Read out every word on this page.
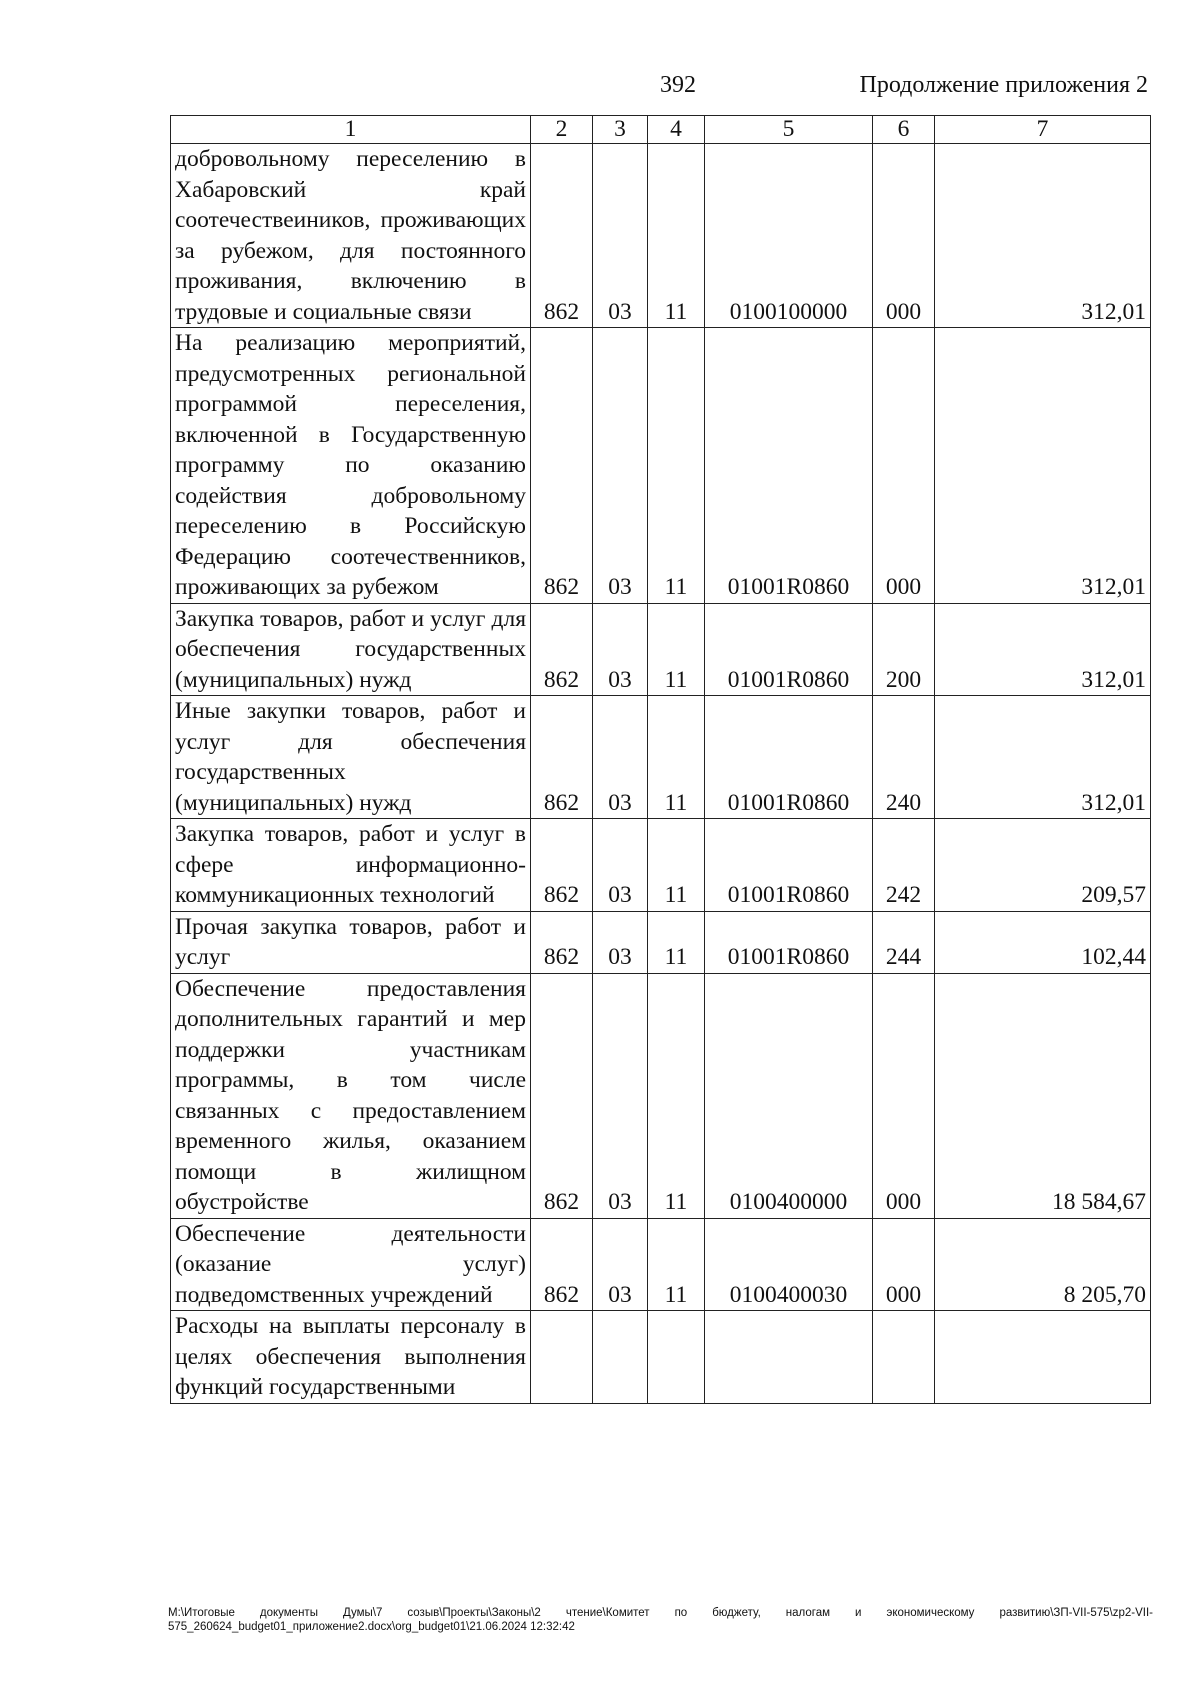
392	Продолжение приложения 2
1	2	3	4	5	6	7
добровольному переселению в Хабаровский край соотечествеиников, проживающих за рубежом, для постоянного проживания, включению в трудовые и социальные связи	862	03	11	0100100000	000	312,01
На реализацию мероприятий, предусмотренных региональной программой переселения, включенной в Государственную программу по оказанию содействия добровольному переселению в Российскую Федерацию соотечественников, проживающих за рубежом	862	03	11	01001R0860	000	312,01
Закупка товаров, работ и услуг для обеспечения государственных (муниципальных) нужд	862	03	11	01001R0860	200	312,01
Иные закупки товаров, работ и услуг для обеспечения государственных (муниципальных) нужд	862	03	11	01001R0860	240	312,01
Закупка товаров, работ и услуг в сфере информационно-коммуникационных технологий	862	03	11	01001R0860	242	209,57
Прочая закупка товаров, работ и услуг	862	03	11	01001R0860	244	102,44
Обеспечение предоставления дополнительных гарантий и мер поддержки участникам программы, в том числе связанных с предоставлением временного жилья, оказанием помощи в жилищном обустройстве	862	03	11	0100400000	000	18 584,67
Обеспечение деятельности (оказание услуг) подведомственных учреждений	862	03	11	0100400030	000	8 205,70
Расходы на выплаты персоналу в целях обеспечения выполнения функций государственными						
M:\Итоговые документы Думы\7 созыв\Проекты\Законы\2 чтение\Комитет по бюджету, налогам и экономическому развитию\ЗП-VII-575\zp2-VII-575_260624_budget01_приложение2.docx\org_budget01\21.06.2024 12:32:42
